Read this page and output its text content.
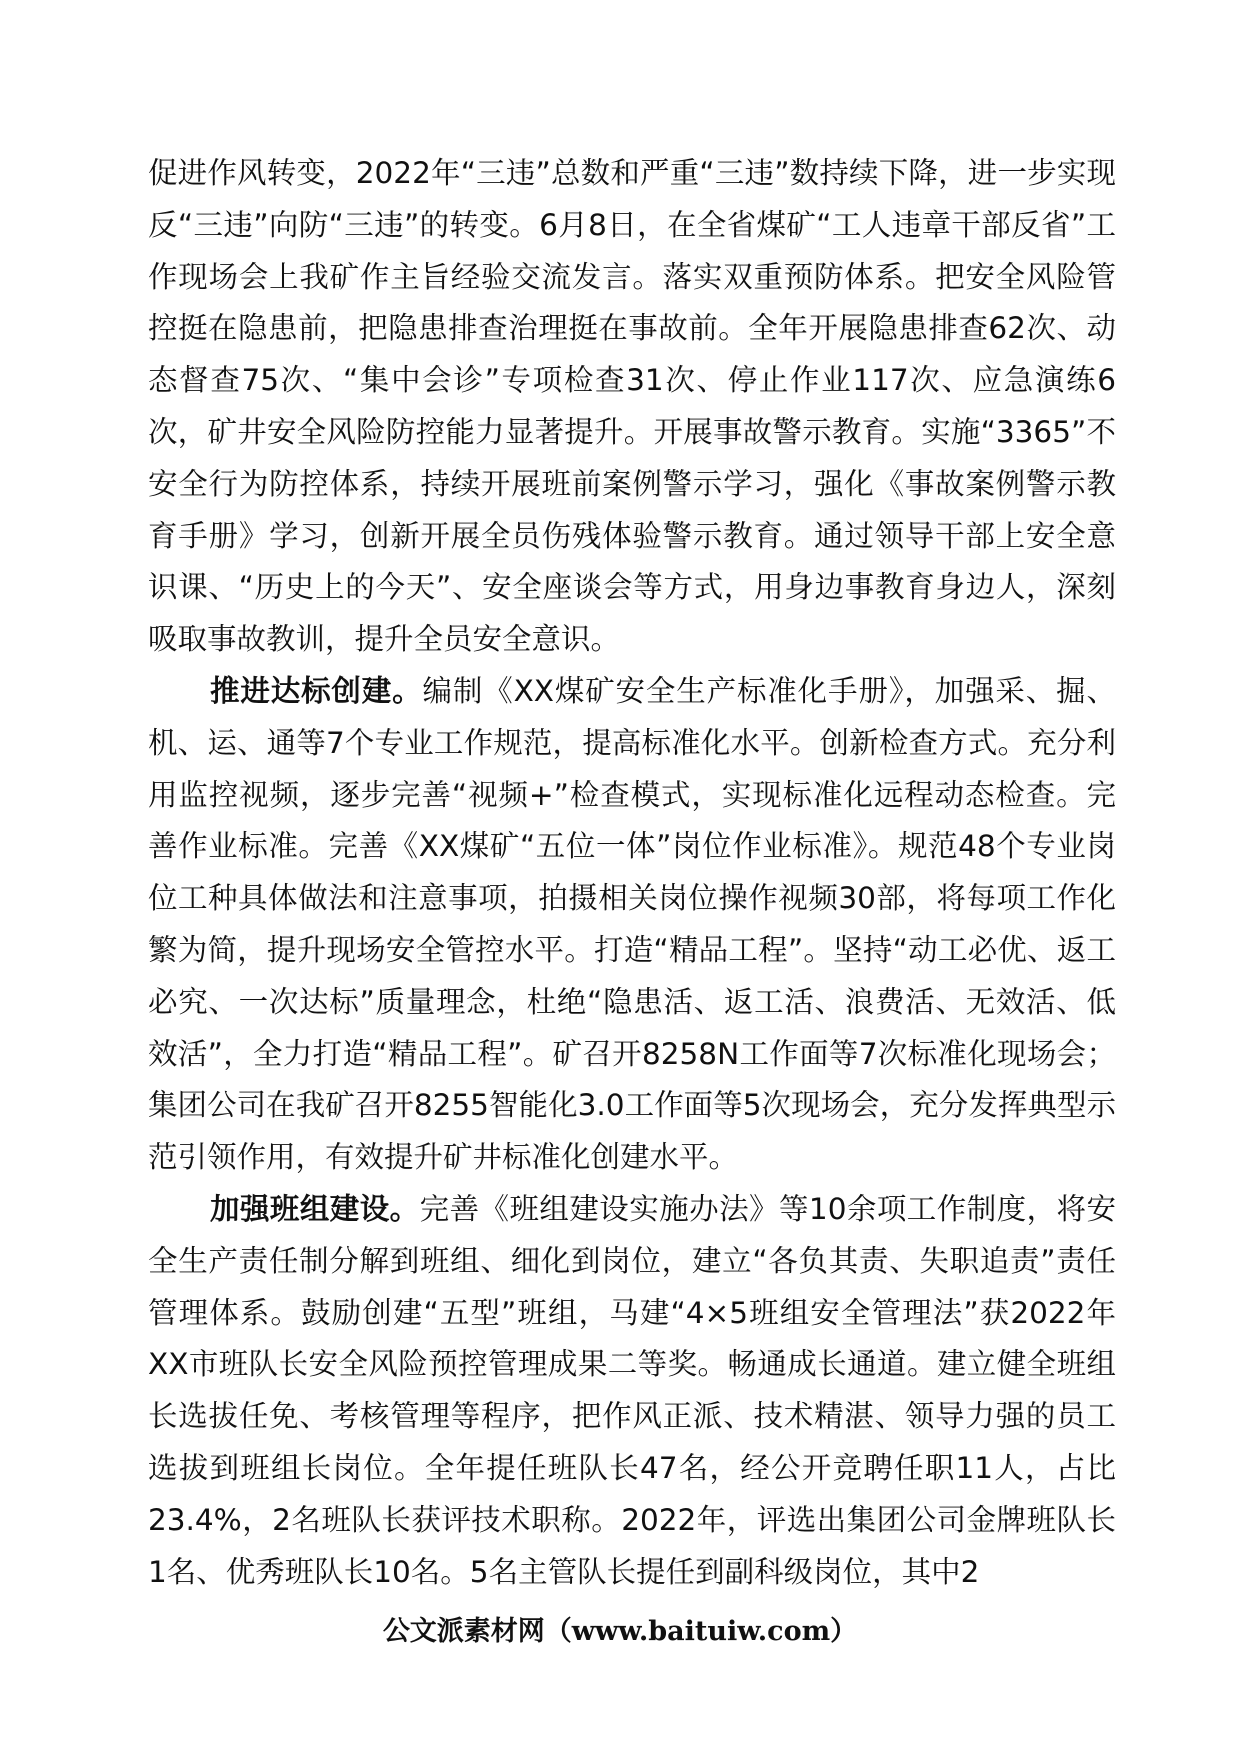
促进作风转变，2022年“三违”总数和严重“三违”数持续下降，进一步实现反“三违”向防“三违”的转变。6月8日，在全省煤矿“工人违章干部反省”工作现场会上我矿作主旨经验交流发言。落实双重预防体系。把安全风险管控挺在隐患前，把隐患排查治理挺在事故前。全年开展隐患排查62次、动态督查75次、“集中会诊”专项检查31次、停止作业117次、应急演练6次，矿井安全风险防控能力显著提升。开展事故警示教育。实施“3365”不安全行为防控体系，持续开展班前案例警示学习，强化《事故案例警示教育手册》学习，创新开展全员伤残体验警示教育。通过领导干部上安全意识课、“历史上的今天”、安全座谈会等方式，用身边事教育身边人，深刻吸取事故教训，提升全员安全意识。

推进达标创建。编制《XX煤矿安全生产标准化手册》，加强采、掘、机、运、通等7个专业工作规范，提高标准化水平。创新检查方式。充分利用监控视频，逐步完善“视频+”检查模式，实现标准化远程动态检查。完善作业标准。完善《XX煤矿“五位一体”岗位作业标准》。规范48个专业岗位工种具体做法和注意事项，拍摄相关岗位操作视频30部，将每项工作化繁为简，提升现场安全管控水平。打造“精品工程”。坚持“动工必优、返工必究、一次达标”质量理念，杜绝“隐患活、返工活、浪费活、无效活、低效活”，全力打造“精品工程”。矿召开8258N工作面等7次标准化现场会；集团公司在我矿召开8255智能化3.0工作面等5次现场会，充分发挥典型示范引领作用，有效提升矿井标准化创建水平。

加强班组建设。完善《班组建设实施办法》等10余项工作制度，将安全生产责任制分解到班组、细化到岗位，建立“各负其责、失职追责”责任管理体系。鼓励创建“五型”班组，马建“4×5班组安全管理法”获2022年XX市班队长安全风险预控管理成果二等奖。畅通成长通道。建立健全班组长选拔任免、考核管理等程序，把作风正派、技术精湛、领导力强的员工选拔到班组长岗位。全年提任班队长47名，经公开竞聘任职11人，占比23.4%，2名班队长获评技术职称。2022年，评选出集团公司金牌班队长1名、优秀班队长10名。5名主管队长提任到副科级岗位，其中2

公文派素材网（www.baituiw.com）
